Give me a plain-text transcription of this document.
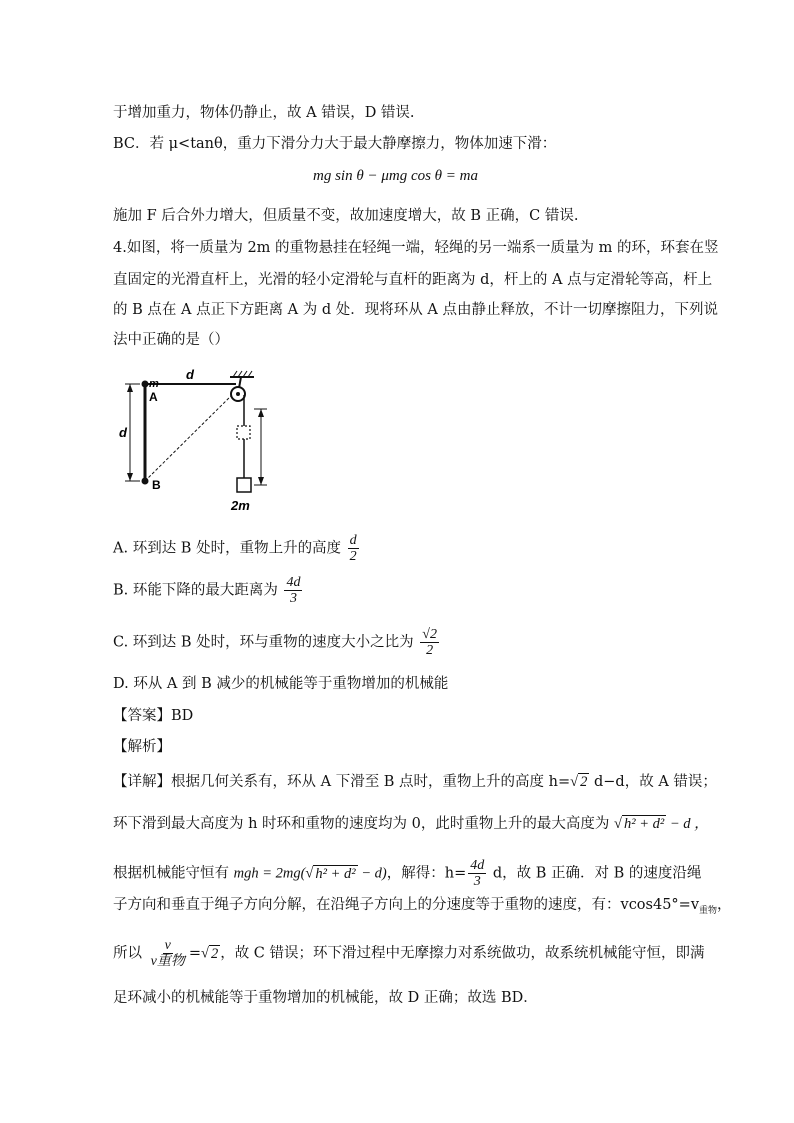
于增加重力，物体仍静止，故 A 错误，D 错误.
BC．若 μ<tanθ，重力下滑分力大于最大静摩擦力，物体加速下滑：
mg sin θ − μmg cos θ = ma
施加 F 后合外力增大，但质量不变，故加速度增大，故 B 正确，C 错误.
4.如图，将一质量为 2m 的重物悬挂在轻绳一端，轻绳的另一端系一质量为 m 的环，环套在竖
直固定的光滑直杆上，光滑的轻小定滑轮与直杆的距离为 d，杆上的 A 点与定滑轮等高，杆上
的 B 点在 A 点正下方距离 A 为 d 处．现将环从 A 点由静止释放，不计一切摩擦阻力，下列说
法中正确的是（）
d
m
A
B
d
2m
A. 环到达 B 处时，重物上升的高度 $\frac{d}{2}$
B. 环能下降的最大距离为 $\frac{4d}{3}$
C. 环到达 B 处时，环与重物的速度大小之比为 $\frac{√2}{2}$
D. 环从 A 到 B 减少的机械能等于重物增加的机械能
【答案】BD
【解析】
【详解】根据几何关系有，环从 A 下滑至 B 点时，重物上升的高度 h=√ 2 d−d，故 A 错误；
环下滑到最大高度为 h 时环和重物的速度均为 0，此时重物上升的最大高度为 √ h² + d² − d ，
根据机械能守恒有 mgh = 2mg(√ h² + d² − d)，解得：$h= \frac{4d}{3}$ d，故 B 正确．对 B 的速度沿绳
子方向和垂直于绳子方向分解，在沿绳子方向上的分速度等于重物的速度，有：$vcos45^\circ=v_{重物}$，
所以 $\frac{v}{\text{v重物}}$ =√ 2 ，故 C 错误；环下滑过程中无摩擦力对系统做功，故系统机械能守恒，即满
足环减小的机械能等于重物增加的机械能，故 D 正确；故选 BD．
